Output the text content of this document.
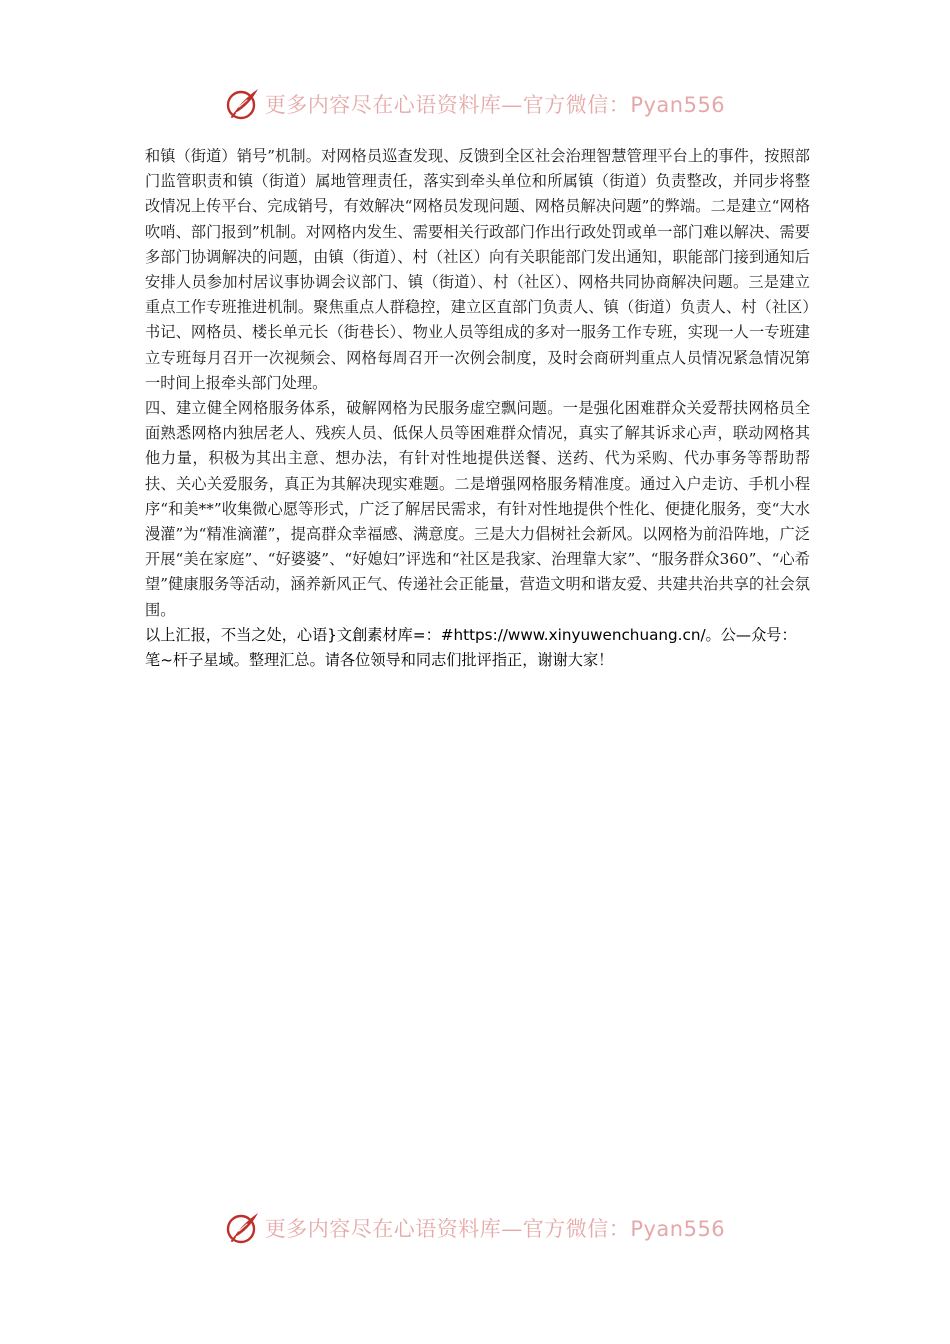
更多内容尽在心语资料库—官方微信：Pyan556

和镇（街道）销号”机制。对网格员巡查发现、反馈到全区社会治理智慧管理平台上的事件，按照部门监管职责和镇（街道）属地管理责任，落实到牵头单位和所属镇（街道）负责整改，并同步将整改情况上传平台、完成销号，有效解决“网格员发现问题、网格员解决问题”的弊端。二是建立“网格吹哨、部门报到”机制。对网格内发生、需要相关行政部门作出行政处罚或单一部门难以解决、需要多部门协调解决的问题，由镇（街道）、村（社区）向有关职能部门发出通知，职能部门接到通知后安排人员参加村居议事协调会议部门、镇（街道）、村（社区）、网格共同协商解决问题。三是建立重点工作专班推进机制。聚焦重点人群稳控，建立区直部门负责人、镇（街道）负责人、村（社区）书记、网格员、楼长单元长（街巷长）、物业人员等组成的多对一服务工作专班，实现一人一专班建立专班每月召开一次视频会、网格每周召开一次例会制度，及时会商研判重点人员情况紧急情况第一时间上报牵头部门处理。

四、建立健全网格服务体系，破解网格为民服务虚空飘问题。一是强化困难群众关爱帮扶网格员全面熟悉网格内独居老人、残疾人员、低保人员等困难群众情况，真实了解其诉求心声，联动网格其他力量，积极为其出主意、想办法，有针对性地提供送餐、送药、代为采购、代办事务等帮助帮扶、关心关爱服务，真正为其解决现实难题。二是增强网格服务精准度。通过入户走访、手机小程序“和美**”收集微心愿等形式，广泛了解居民需求，有针对性地提供个性化、便捷化服务，变“大水漫灌”为“精准滴灌”，提高群众幸福感、满意度。三是大力倡树社会新风。以网格为前沿阵地，广泛开展“美在家庭”、“好婆婆”、“好媳妇”评选和“社区是我家、治理靠大家”、“服务群众360”、“心希望”健康服务等活动，涵养新风正气、传递社会正能量，营造文明和谐友爱、共建共治共享的社会氛围。

以上汇报，不当之处，心语}文創素材库=：#https://www.xinyuwenchuang.cn/。公—众号：笔~杆子星域。整理汇总。请各位领导和同志们批评指正，谢谢大家！

更多内容尽在心语资料库—官方微信：Pyan556
